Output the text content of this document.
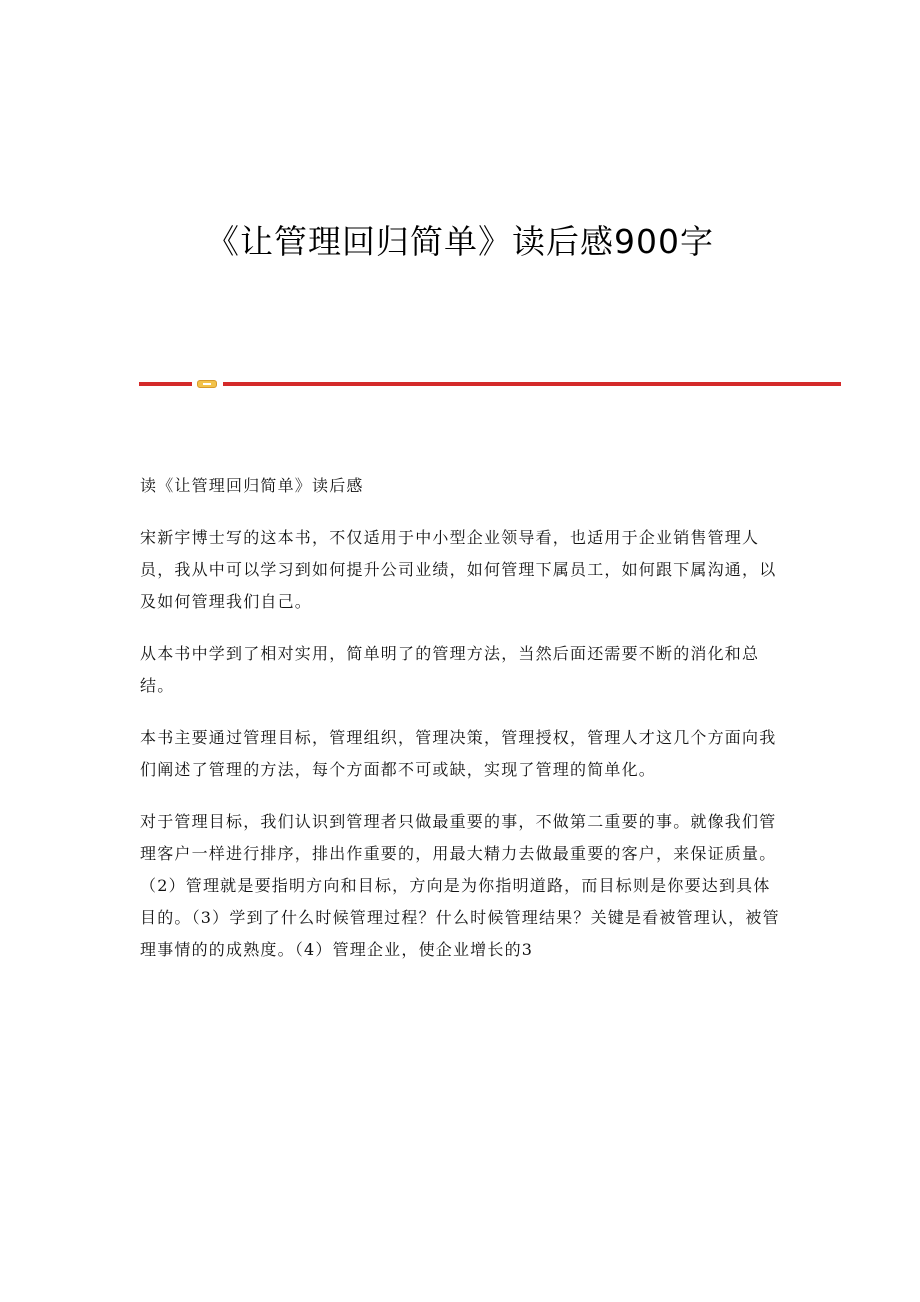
《让管理回归简单》读后感900字

读《让管理回归简单》读后感

宋新宇博士写的这本书，不仅适用于中小型企业领导看，也适用于企业销售管理人员，我从中可以学习到如何提升公司业绩，如何管理下属员工，如何跟下属沟通，以及如何管理我们自己。

从本书中学到了相对实用，简单明了的管理方法，当然后面还需要不断的消化和总结。

本书主要通过管理目标，管理组织，管理决策，管理授权，管理人才这几个方面向我们阐述了管理的方法，每个方面都不可或缺，实现了管理的简单化。

对于管理目标，我们认识到管理者只做最重要的事，不做第二重要的事。就像我们管理客户一样进行排序，排出作重要的，用最大精力去做最重要的客户，来保证质量。（2）管理就是要指明方向和目标，方向是为你指明道路，而目标则是你要达到具体目的。（3）学到了什么时候管理过程？什么时候管理结果？关键是看被管理认，被管理事情的的成熟度。（4）管理企业，使企业增长的3
